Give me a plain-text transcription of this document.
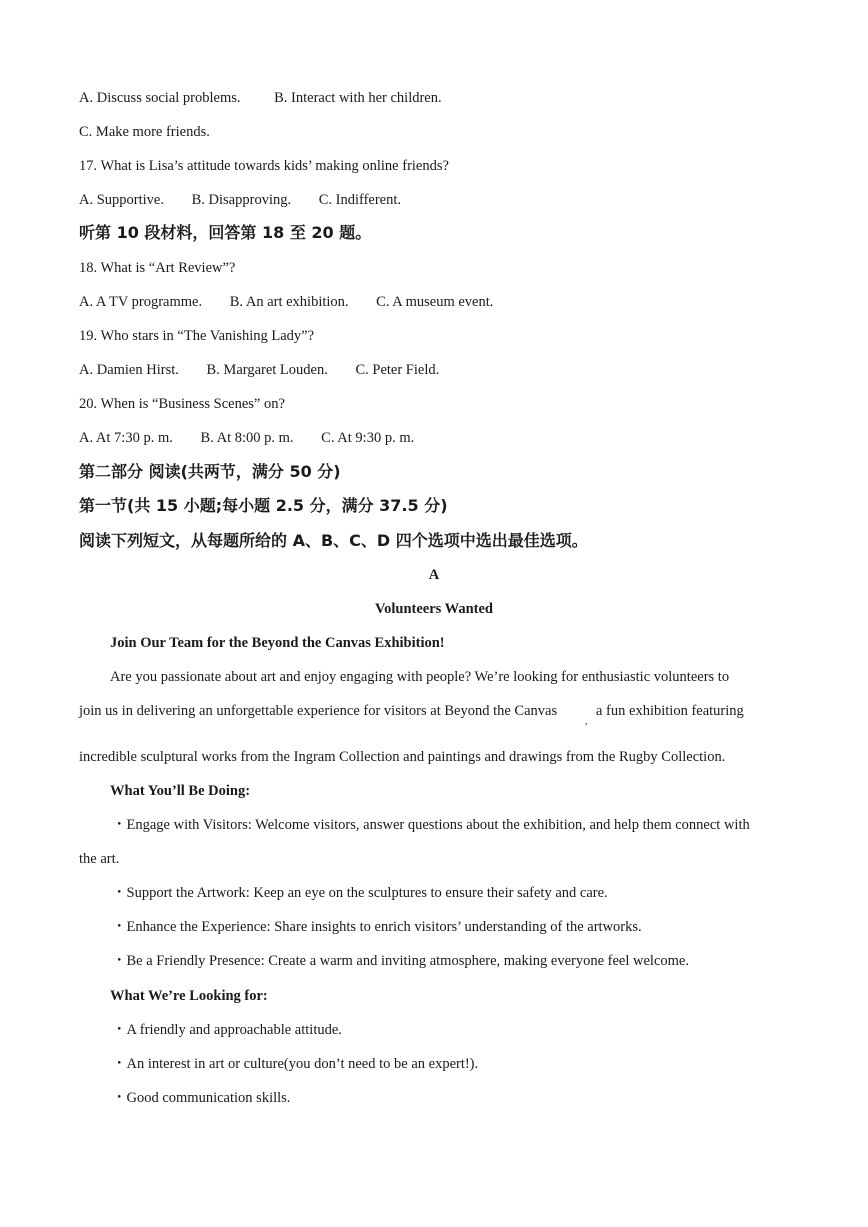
A. Discuss social problems. B. Interact with her children.
C. Make more friends.
17. What is Lisa’s attitude towards kids’ making online friends?
A. Supportive. B. Disapproving. C. Indifferent.
听第 10 段材料，回答第 18 至 20 题。
18. What is “Art Review”?
A. A TV programme. B. An art exhibition. C. A museum event.
19. Who stars in “The Vanishing Lady”?
A. Damien Hirst. B. Margaret Louden. C. Peter Field.
20. When is “Business Scenes” on?
A. At 7:30 p. m. B. At 8:00 p. m. C. At 9:30 p. m.
第二部分 阅读(共两节，满分 50 分)
第一节(共 15 小题;每小题 2.5 分，满分 37.5 分)
阅读下列短文，从每题所给的 A、B、C、D 四个选项中选出最佳选项。
A
Volunteers Wanted
Join Our Team for the Beyond the Canvas Exhibition!
Are you passionate about art and enjoy engaging with people? We’re looking for enthusiastic volunteers to
join us in delivering an unforgettable experience for visitors at Beyond the Canvas
,
a fun exhibition featuring
incredible sculptural works from the Ingram Collection and paintings and drawings from the Rugby Collection.
What You’ll Be Doing:
・Engage with Visitors: Welcome visitors, answer questions about the exhibition, and help them connect with
the art.
・Support the Artwork: Keep an eye on the sculptures to ensure their safety and care.
・Enhance the Experience: Share insights to enrich visitors’ understanding of the artworks.
・Be a Friendly Presence: Create a warm and inviting atmosphere, making everyone feel welcome.
What We’re Looking for:
・A friendly and approachable attitude.
・An interest in art or culture(you don’t need to be an expert!).
・Good communication skills.
